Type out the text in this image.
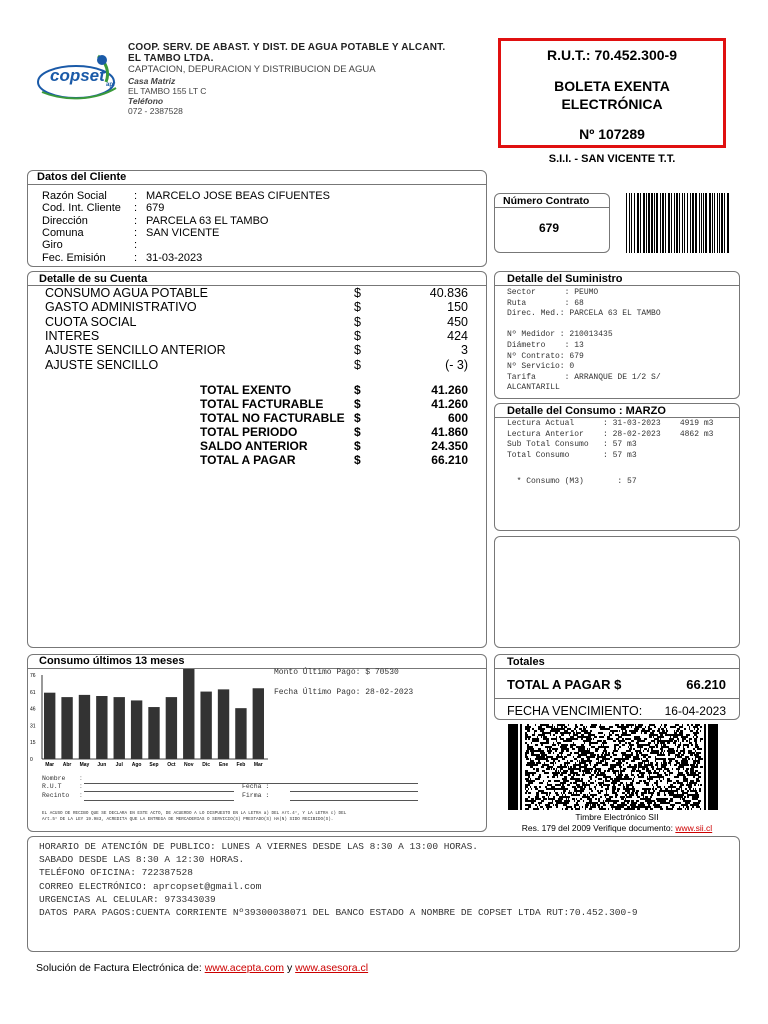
copset apr
COOP. SERV. DE ABAST. Y DIST. DE AGUA POTABLE Y ALCANT.
EL TAMBO LTDA.
CAPTACION, DEPURACION Y DISTRIBUCION DE AGUA
Casa Matriz
EL TAMBO 155 LT C
Teléfono
072 - 2387528
R.U.T.: 70.452.300-9
BOLETA EXENTA
ELECTRÓNICA
Nº 107289
S.I.I. - SAN VICENTE T.T.
Datos del Cliente
Razón Social : MARCELO JOSE BEAS CIFUENTES
Cod. Int. Cliente : 679
Dirección	: PARCELA 63 EL TAMBO
Comuna	: SAN VICENTE
Giro	:
Fec. Emisión	: 31-03-2023
Número Contrato
679
Detalle de su Cuenta
CONSUMO AGUA POTABLE	$	40.836
GASTO ADMINISTRATIVO	$	150
CUOTA SOCIAL	$	450
INTERES	$	424
AJUSTE SENCILLO ANTERIOR	$	3
AJUSTE SENCILLO	$	(- 3)
TOTAL EXENTO	$	41.260
TOTAL FACTURABLE	$	41.260
TOTAL NO FACTURABLE $	600
TOTAL PERIODO	$	41.860
SALDO ANTERIOR	$	24.350
TOTAL A PAGAR	$	66.210
Detalle del Suministro
Sector      : PEUMO
Ruta        : 68
Direc. Med.: PARCELA 63 EL TAMBO
Nº Medidor : 210013435
Diámetro    : 13
Nº Contrato: 679
Nº Servicio: 0
Tarifa      : ARRANQUE DE 1/2 S/
ALCANTARILL
Detalle del Consumo : MARZO
Lectura Actual      : 31-03-2023    4919 m3
Lectura Anterior    : 28-02-2023    4862 m3
Sub Total Consumo   : 57 m3
Total Consumo       : 57 m3
* Consumo (M3)       : 57
Consumo últimos 13 meses
76
61
46
31
15
0
Mar Abr May Jun Jul Ago Sep Oct Nov Dic Ene Feb Mar
Monto Último Pago: $ 70530
Fecha Último Pago: 28-02-2023
Nombre
R.U.T
Recinto
:
:
:
Fecha :
Firma :
EL ACUSO DE RECIBO QUE SE DECLARA EN ESTE ACTO, DE ACUERDO A LO DISPUESTO EN LA LETRA a) DEL Art.4°, Y LA LETRA c) DEL
Art.5° DE LA LEY 19.983, ACREDITA QUE LA ENTREGA DE MERCADERIAS O SERVICIO(S) PRESTADO(S) HA(N) SIDO RECIBIDO(S).
Totales
TOTAL A PAGAR $	66.210
FECHA VENCIMIENTO:	16-04-2023
Timbre Electrónico SII
Res. 179 del 2009 Verifique documento: www.sii.cl
HORARIO DE ATENCIÓN DE PUBLICO: LUNES A VIERNES DESDE LAS 8:30 A 13:00 HORAS.
SABADO DESDE LAS 8:30 A 12:30 HORAS.
TELÉFONO OFICINA: 722387528
CORREO ELECTRÓNICO: aprcopset@gmail.com
URGENCIAS AL CELULAR: 973343039
DATOS PARA PAGOS:CUENTA CORRIENTE Nº39300038071 DEL BANCO ESTADO A NOMBRE DE COPSET LTDA RUT:70.452.300-9
Solución de Factura Electrónica de: www.acepta.com y www.asesora.cl
